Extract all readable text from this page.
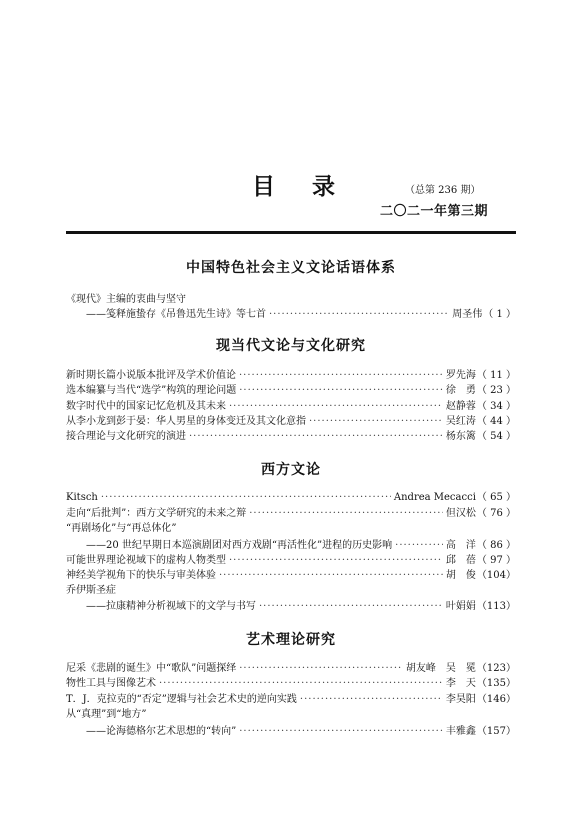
目 录	（总第 236 期）
二〇二一年第三期
中国特色社会主义文论话语体系
《现代》主编的衷曲与坚守
——笺释施蛰存《吊鲁迅先生诗》等七首 ·····	周圣伟 （ 1 ）
现当代文论与文化研究
新时期长篇小说版本批评及学术价值论 ·····	罗先海 （ 11 ）
选本编纂与当代“选学”构筑的理论问题 ·····	徐　勇 （ 23 ）
数字时代中的国家记忆危机及其未来 ·····	赵静蓉 （ 34 ）
从李小龙到彭于晏：华人男星的身体变迁及其文化意指 ·····	吴红涛 （ 44 ）
接合理论与文化研究的演进 ·····	杨东篱 （ 54 ）
西方文论
Kitsch ·····	Andrea Mecacci （ 65 ）
走向“后批判”：西方文学研究的未来之辩 ·····	但汉松 （ 76 ）
“再剧场化”与“再总体化”
——20 世纪早期日本巡演剧团对西方戏剧“再活性化”进程的历史影响 ·····	高　洋 （ 86 ）
可能世界理论视域下的虚构人物类型 ·····	邱　蓓 （ 97 ）
神经美学视角下的快乐与审美体验 ·····	胡　俊 （104）
乔伊斯圣症
——拉康精神分析视域下的文学与书写 ·····	叶娟娟 （113）
艺术理论研究
尼采《悲剧的诞生》中“歌队”问题探绎 ·····	胡友峰　吴　冕 （123）
物性工具与图像艺术 ·····	李　天 （135）
T．J．克拉克的“否定”逻辑与社会艺术史的逆向实践 ·····	李昊阳 （146）
从“真理”到“地方”
——论海德格尔艺术思想的“转向” ·····	丰雅鑫 （157）
